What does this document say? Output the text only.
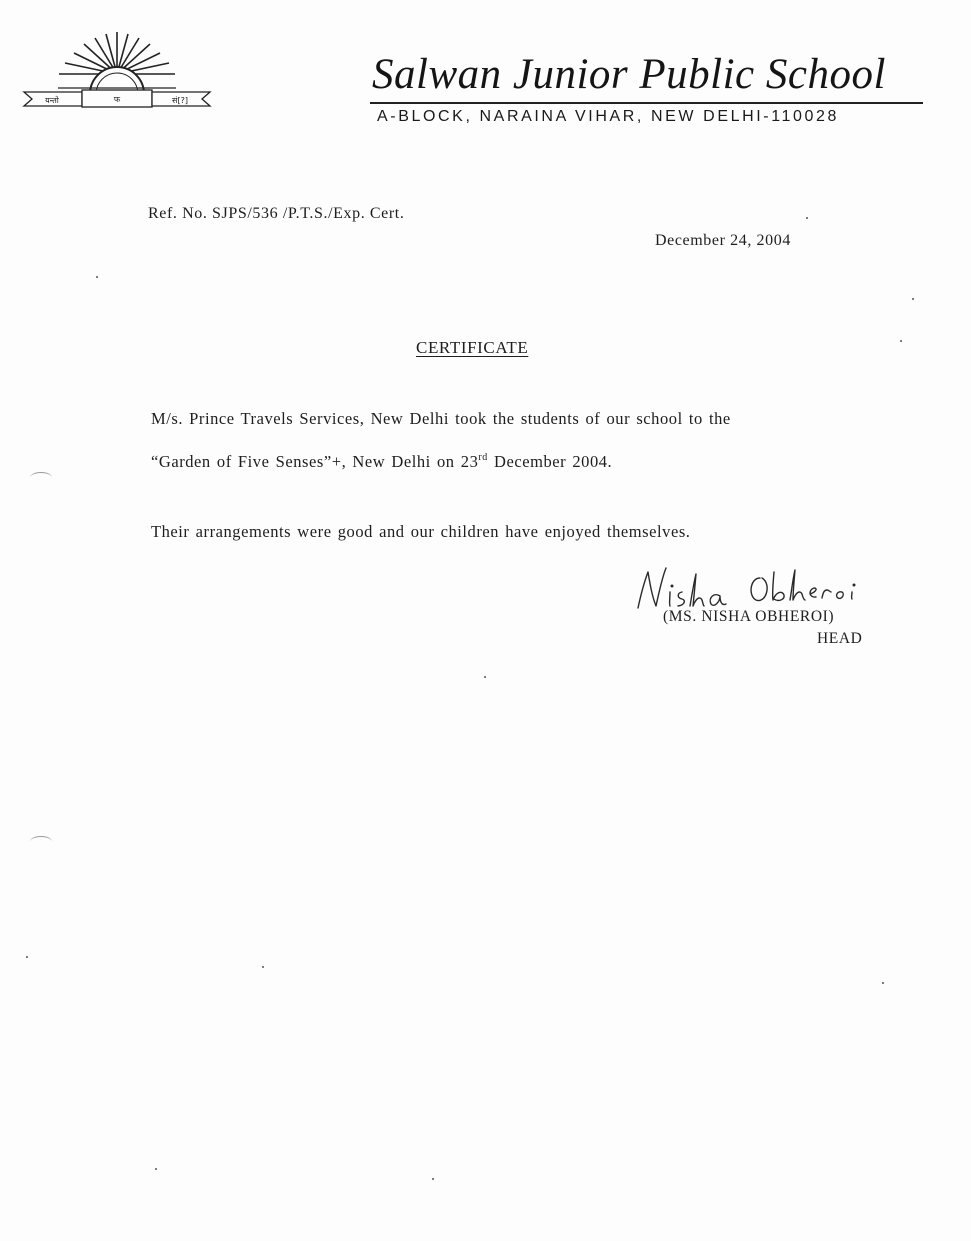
यन्तो	फ	सं[?]
Salwan Junior Public School
A-BLOCK, NARAINA VIHAR, NEW DELHI-110028
Ref. No. SJPS/536 /P.T.S./Exp. Cert.
December 24, 2004
CERTIFICATE
M/s. Prince Travels Services, New Delhi took the students of our school to the
“Garden of Five Senses”+, New Delhi on 23rd December 2004.
Their arrangements were good and our children have enjoyed themselves.
(MS. NISHA OBHEROI)
HEAD
